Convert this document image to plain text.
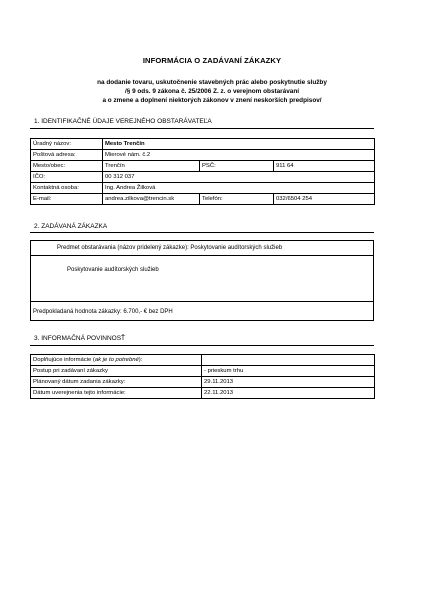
INFORMÁCIA O ZADÁVANÍ ZÁKAZKY
na dodanie tovaru, uskutočnenie stavebných prác alebo poskytnutie služby
/§ 9 ods. 9 zákona č. 25/2006 Z. z. o verejnom obstarávaní
a o zmene a doplnení niektorých zákonov v znení neskorších predpisov/
1. IDENTIFIKAČNÉ ÚDAJE VEREJNÉHO OBSTARÁVATEĽA
Úradný názov:	Mesto Trenčín		
Poštová adresa:	Mierové nám. č.2		
Mesto/obec:	Trenčín	PSČ:	911 64
IČO:	00 312 037		
Kontaktná osoba:	Ing. Andrea Žilková		
E-mail:	andrea.zilkova@trencin.sk	Telefón:	032/6504 254
2. ZADÁVANÁ ZÁKAZKA
Predmet obstarávania (názov pridelený zákazke): Poskytovanie audítorských služieb
Poskytovanie audítorských služieb
Predpokladaná hodnota zákazky: 6.700,- € bez DPH
3. INFORMAČNÁ POVINNOSŤ
Doplňujúce informácie (ak je to potrebné):	
Postup pri zadávaní zákazky	- prieskum trhu
Plánovaný dátum zadania zákazky:	29.11.2013
Dátum uverejnenia tejto informácie:	22.11.2013
